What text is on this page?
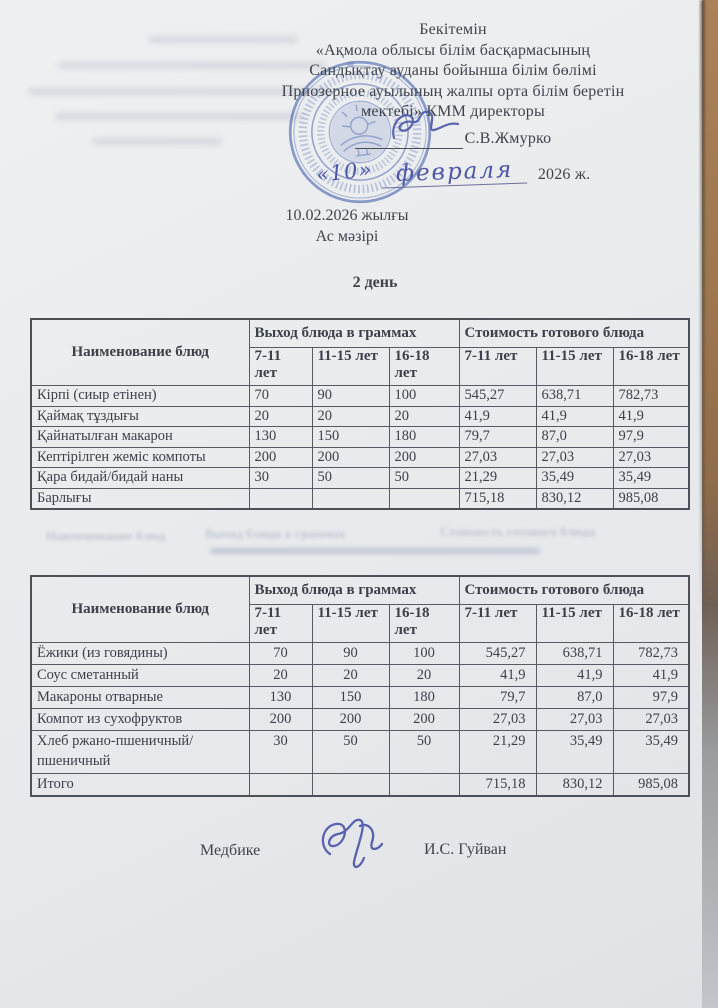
Бекітемін
«Ақмола облысы білім басқармасының
Сандықтау ауданы бойынша білім бөлімі
Приозерное ауылының жалпы орта білім беретін
мектебі» КММ директоры
С.В.Жмурко
«10» февраля 2026 ж.
10.02.2026 жылғы
Ас мәзірі
2 день
Наименование блюд	Выход блюда в граммах			Стоимость готового блюда		
	7-11 лет	11-15 лет	16-18 лет	7-11 лет	11-15 лет	16-18 лет
Кірпі (сиыр етінен)	70	90	100	545,27	638,71	782,73
Қаймақ тұздығы	20	20	20	41,9	41,9	41,9
Қайнатылған макарон	130	150	180	79,7	87,0	97,9
Кептірілген жеміс компоты	200	200	200	27,03	27,03	27,03
Қара бидай/бидай наны	30	50	50	21,29	35,49	35,49
Барлығы				715,18	830,12	985,08
Наименование блюд	Выход блюда в граммах	Стоимость готового блюда
Наименование блюд	Выход блюда в граммах			Стоимость готового блюда		
	7-11 лет	11-15 лет	16-18 лет	7-11 лет	11-15 лет	16-18 лет
Ёжики (из говядины)	70	90	100	545,27	638,71	782,73
Соус сметанный	20	20	20	41,9	41,9	41,9
Макароны отварные	130	150	180	79,7	87,0	97,9
Компот из сухофруктов	200	200	200	27,03	27,03	27,03
Хлеб ржано-пшеничный/ пшеничный	30	50	50	21,29	35,49	35,49
Итого				715,18	830,12	985,08
Медбике	И.С. Гуйван
